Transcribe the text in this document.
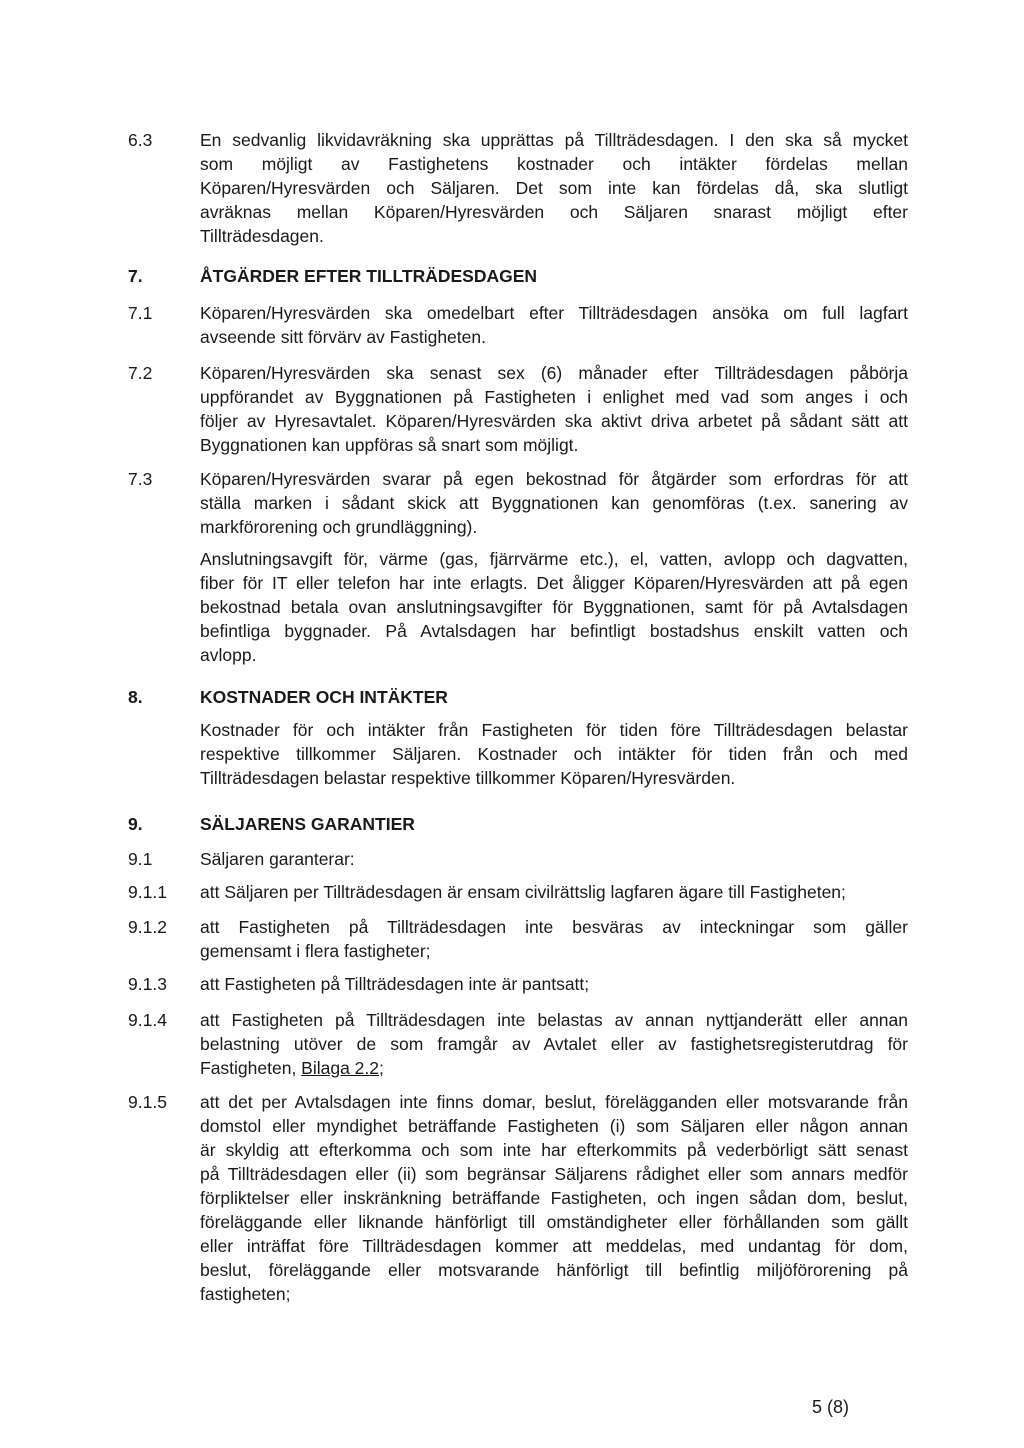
6.3	En sedvanlig likvidavräkning ska upprättas på Tillträdesdagen. I den ska så mycket
som möjligt av Fastighetens kostnader och intäkter fördelas mellan
Köparen/Hyresvärden och Säljaren. Det som inte kan fördelas då, ska slutligt
avräknas mellan Köparen/Hyresvärden och Säljaren snarast möjligt efter
Tillträdesdagen.
7.	ÅTGÄRDER EFTER TILLTRÄDESDAGEN
7.1	Köparen/Hyresvärden ska omedelbart efter Tillträdesdagen ansöka om full lagfart
avseende sitt förvärv av Fastigheten.
7.2	Köparen/Hyresvärden ska senast sex (6) månader efter Tillträdesdagen påbörja
uppförandet av Byggnationen på Fastigheten i enlighet med vad som anges i och
följer av Hyresavtalet. Köparen/Hyresvärden ska aktivt driva arbetet på sådant sätt att
Byggnationen kan uppföras så snart som möjligt.
7.3	Köparen/Hyresvärden svarar på egen bekostnad för åtgärder som erfordras för att
ställa marken i sådant skick att Byggnationen kan genomföras (t.ex. sanering av
markförorening och grundläggning).
Anslutningsavgift för, värme (gas, fjärrvärme etc.), el, vatten, avlopp och dagvatten,
fiber för IT eller telefon har inte erlagts. Det åligger Köparen/Hyresvärden att på egen
bekostnad betala ovan anslutningsavgifter för Byggnationen, samt för på Avtalsdagen
befintliga byggnader. På Avtalsdagen har befintligt bostadshus enskilt vatten och
avlopp.
8.	KOSTNADER OCH INTÄKTER
Kostnader för och intäkter från Fastigheten för tiden före Tillträdesdagen belastar
respektive tillkommer Säljaren. Kostnader och intäkter för tiden från och med
Tillträdesdagen belastar respektive tillkommer Köparen/Hyresvärden.
9.	SÄLJARENS GARANTIER
9.1	Säljaren garanterar:
9.1.1 att Säljaren per Tillträdesdagen är ensam civilrättslig lagfaren ägare till Fastigheten;
9.1.2 att Fastigheten på Tillträdesdagen inte besväras av inteckningar som gäller
gemensamt i flera fastigheter;
9.1.3 att Fastigheten på Tillträdesdagen inte är pantsatt;
9.1.4 att Fastigheten på Tillträdesdagen inte belastas av annan nyttjanderätt eller annan
belastning utöver de som framgår av Avtalet eller av fastighetsregisterutdrag för
Fastigheten, Bilaga 2.2;
9.1.5 att det per Avtalsdagen inte finns domar, beslut, förelägganden eller motsvarande från
domstol eller myndighet beträffande Fastigheten (i) som Säljaren eller någon annan
är skyldig att efterkomma och som inte har efterkommits på vederbörligt sätt senast
på Tillträdesdagen eller (ii) som begränsar Säljarens rådighet eller som annars medför
förpliktelser eller inskränkning beträffande Fastigheten, och ingen sådan dom, beslut,
föreläggande eller liknande hänförligt till omständigheter eller förhållanden som gällt
eller inträffat före Tillträdesdagen kommer att meddelas, med undantag för dom,
beslut, föreläggande eller motsvarande hänförligt till befintlig miljöförorening på
fastigheten;
5 (8)
